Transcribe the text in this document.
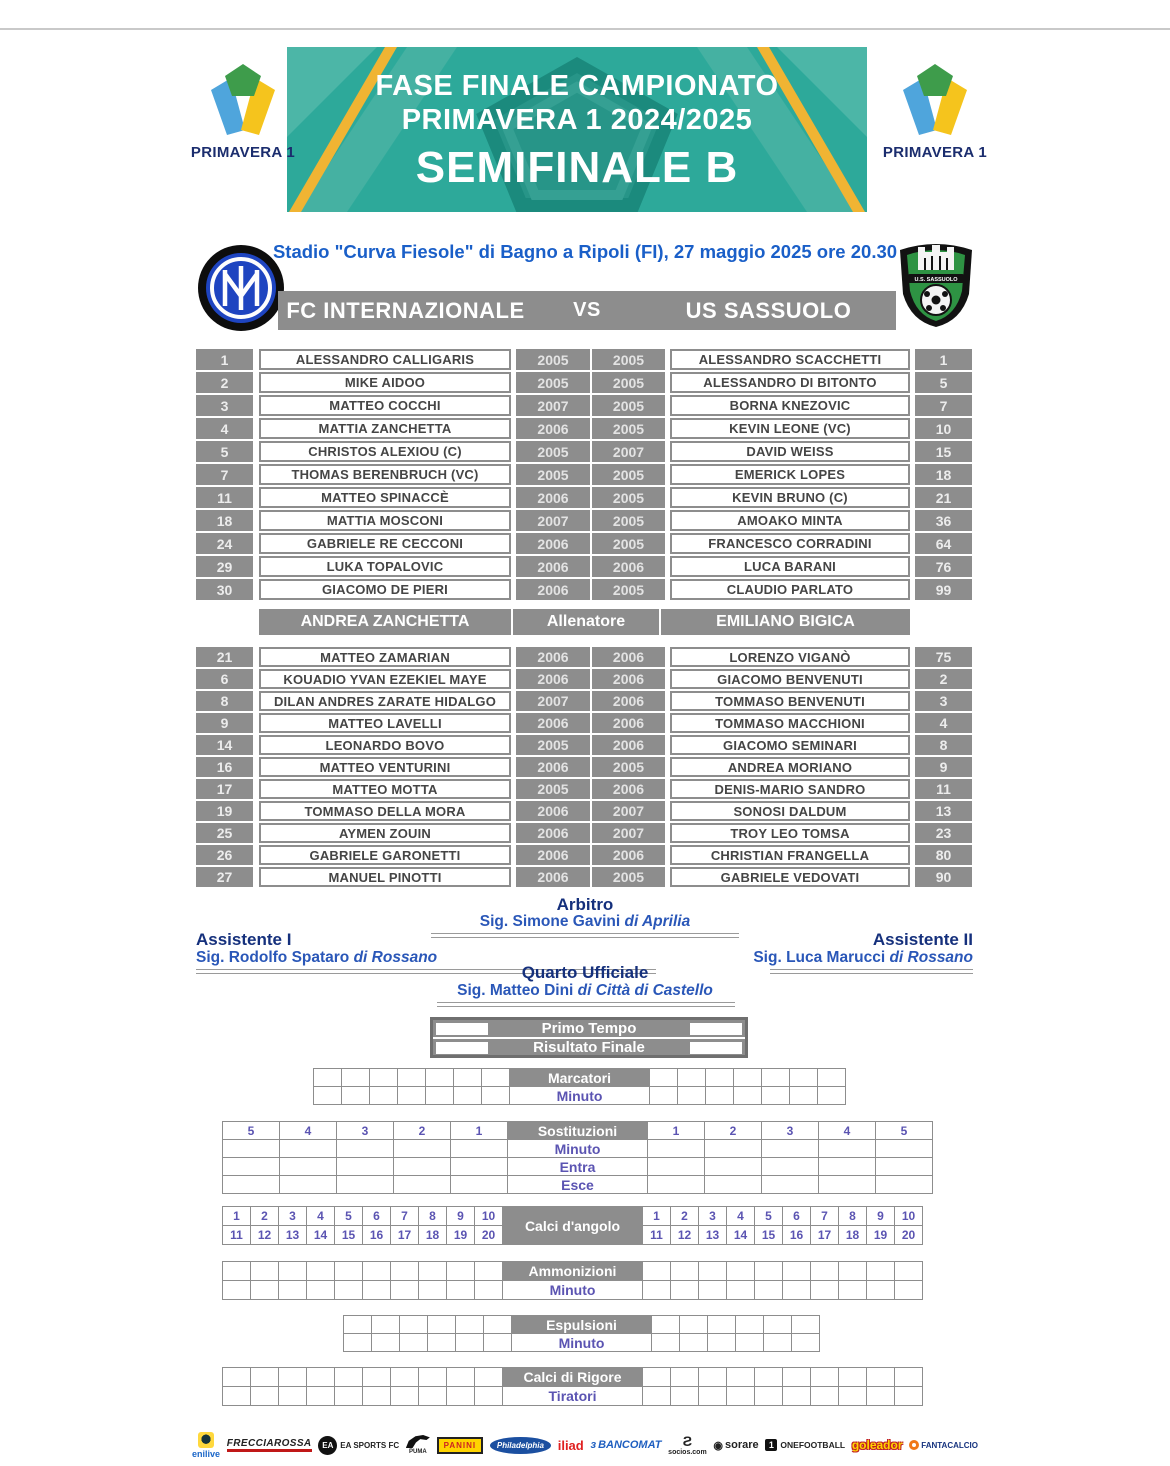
FASE FINALE CAMPIONATO
PRIMAVERA 1 2024/2025
SEMIFINALE B
PRIMAVERA 1	PRIMAVERA 1
Stadio "Curva Fiesole" di Bagno a Ripoli (FI), 27 maggio 2025 ore 20.30
U.S. SASSUOLO
FC INTERNAZIONALE	VS	US SASSUOLO
1	ALESSANDRO CALLIGARIS	2005	2005	ALESSANDRO SCACCHETTI	1
2	MIKE AIDOO	2005	2005	ALESSANDRO DI BITONTO	5
3	MATTEO COCCHI	2007	2005	BORNA KNEZOVIC	7
4	MATTIA ZANCHETTA	2006	2005	KEVIN LEONE (VC)	10
5	CHRISTOS ALEXIOU (C)	2005	2007	DAVID WEISS	15
7	THOMAS BERENBRUCH (VC)	2005	2005	EMERICK LOPES	18
11	MATTEO SPINACCÈ	2006	2005	KEVIN BRUNO (C)	21
18	MATTIA MOSCONI	2007	2005	AMOAKO MINTA	36
24	GABRIELE RE CECCONI	2006	2005	FRANCESCO CORRADINI	64
29	LUKA TOPALOVIC	2006	2006	LUCA BARANI	76
30	GIACOMO DE PIERI	2006	2005	CLAUDIO PARLATO	99
ANDREA ZANCHETTA	Allenatore	EMILIANO BIGICA
21	MATTEO ZAMARIAN	2006	2006	LORENZO VIGANÒ	75
6	KOUADIO YVAN EZEKIEL MAYE	2006	2006	GIACOMO BENVENUTI	2
8	DILAN ANDRES ZARATE HIDALGO	2007	2006	TOMMASO BENVENUTI	3
9	MATTEO LAVELLI	2006	2006	TOMMASO MACCHIONI	4
14	LEONARDO BOVO	2005	2006	GIACOMO SEMINARI	8
16	MATTEO VENTURINI	2006	2005	ANDREA MORIANO	9
17	MATTEO MOTTA	2005	2006	DENIS-MARIO SANDRO	11
19	TOMMASO DELLA MORA	2006	2007	SONOSI DALDUM	13
25	AYMEN ZOUIN	2006	2007	TROY LEO TOMSA	23
26	GABRIELE GARONETTI	2006	2006	CHRISTIAN FRANGELLA	80
27	MANUEL PINOTTI	2006	2005	GABRIELE VEDOVATI	90
Arbitro
Sig. Simone Gavini di Aprilia
Assistente I	Assistente II
Sig. Rodolfo Spataro di Rossano	Sig. Luca Marucci di Rossano
Quarto Ufficiale
Sig. Matteo Dini di Città di Castello
Primo Tempo
Risultato Finale
Marcatori
Minuto
5	4	3	2	1	Sostituzioni	1	2	3	4	5
Minuto
Entra
Esce
1	2	3	4	5	6	7	8	9	10
11	12	13	14	15	16	17	18	19	20
Calci d'angolo
1	2	3	4	5	6	7	8	9	10
11	12	13	14	15	16	17	18	19	20
Ammonizioni
Minuto
Espulsioni
Minuto
Calci di Rigore
Tiratori
enilive
FRECCIAROSSA	EA EA SPORTS FC
PUMA
PANINI	Philadelphia	iliad	ɜ BANCOMAT
Ƨ socios.com
◉ sorare	1 ONEFOOTBALL goleador	FANTACALCIO
